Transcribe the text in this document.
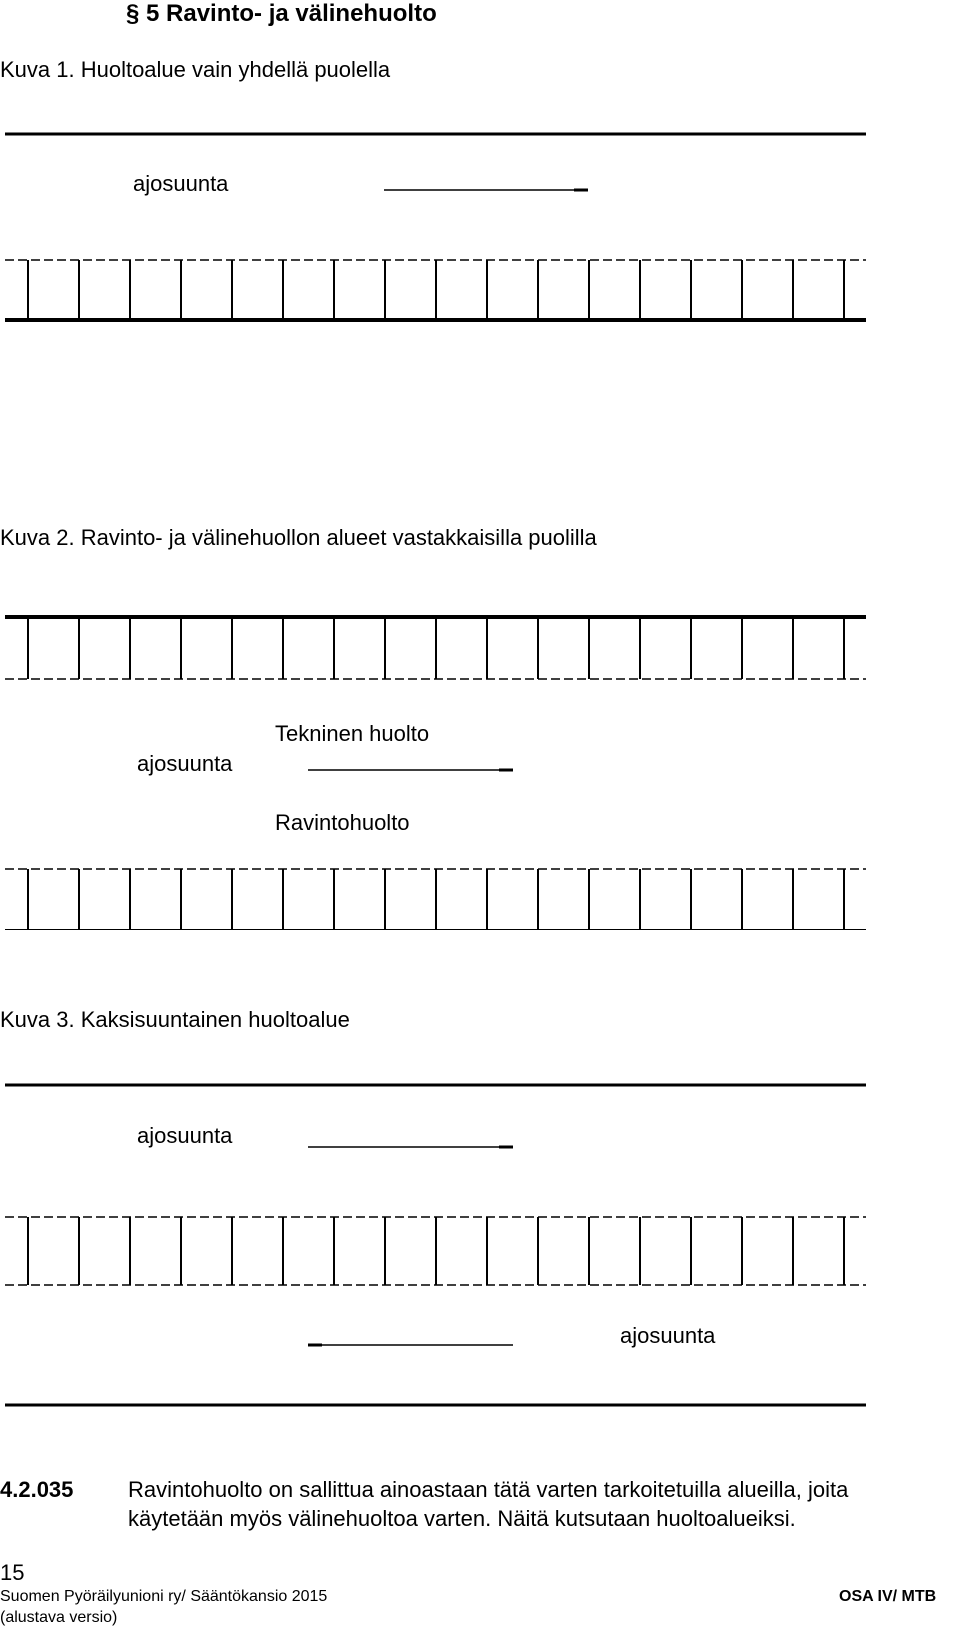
§ 5 Ravinto- ja välinehuolto
Kuva 1. Huoltoalue vain yhdellä puolella
ajosuunta
Kuva 2. Ravinto- ja välinehuollon alueet vastakkaisilla puolilla
Tekninen huolto
ajosuunta
Ravintohuolto
Kuva 3. Kaksisuuntainen huoltoalue
ajosuunta
ajosuunta
4.2.035 Ravintohuolto on sallittua ainoastaan tätä varten tarkoitetuilla alueilla, joita
käytetään myös välinehuoltoa varten. Näitä kutsutaan huoltoalueiksi.
15
Suomen Pyöräilyunioni ry/ Sääntökansio 2015	OSA IV/ MTB
(alustava versio)
